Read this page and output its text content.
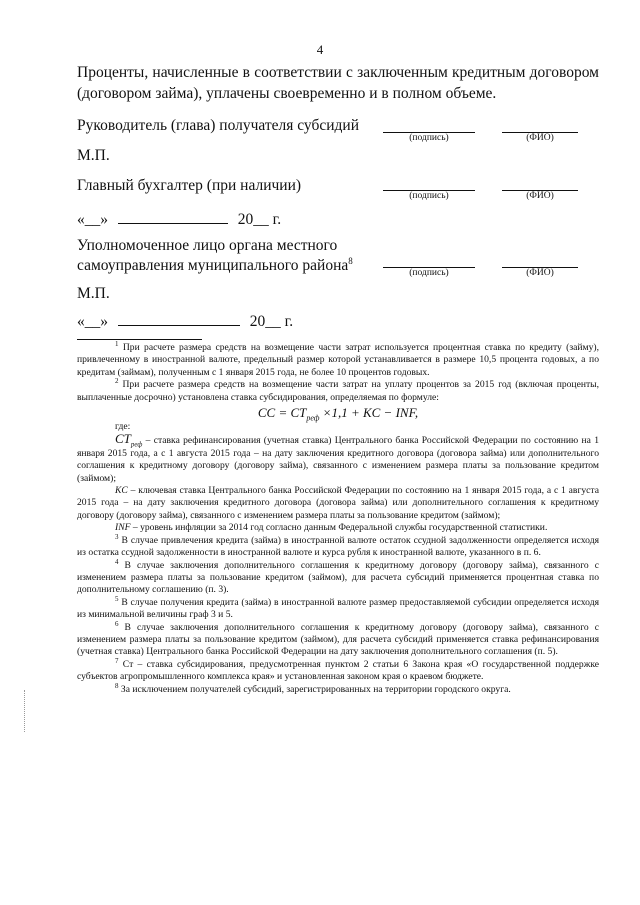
4
Проценты, начисленные в соответствии с заключенным кредитным договором (договором займа), уплачены своевременно и в полном объеме.
Руководитель (глава) получателя субсидий
(подпись)	(ФИО)
М.П.
Главный бухгалтер (при наличии)
(подпись)	(ФИО)
«__»	20__ г.
Уполномоченное лицо органа местного
самоуправления муниципального района$^8$
(подпись)	(ФИО)
М.П.
«__»	20__ г.

$^1$ При расчете размера средств на возмещение части затрат используется процентная ставка по кредиту (займу), привлеченному в иностранной валюте, предельный размер которой устанавливается в размере 10,5 процента годовых, а по кредитам (займам), полученным с 1 января 2015 года, не более 10 процентов годовых.

$^2$ При расчете размера средств на возмещение части затрат на уплату процентов за 2015 год (включая проценты, выплаченные досрочно) установлена ставка субсидирования, определяемая по формуле:

CC = $CT_{реф} \times 1,1$ + KC − INF,

где:

$CT_{реф}$ – ставка рефинансирования (учетная ставка) Центрального банка Российской Федерации по состоянию на 1 января 2015 года, а с 1 августа 2015 года – на дату заключения кредитного договора (договора займа) или дополнительного соглашения к кредитному договору (договору займа), связанного с изменением размера платы за пользование кредитом (займом);

KC – ключевая ставка Центрального банка Российской Федерации по состоянию на 1 января 2015 года, а с 1 августа 2015 года – на дату заключения кредитного договора (договора займа) или дополнительного соглашения к кредитному договору (договору займа), связанного с изменением размера платы за пользование кредитом (займом);

INF – уровень инфляции за 2014 год согласно данным Федеральной службы государственной статистики.

$^3$ В случае привлечения кредита (займа) в иностранной валюте остаток ссудной задолженности определяется исходя из остатка ссудной задолженности в иностранной валюте и курса рубля к иностранной валюте, указанного в п. 6.

$^4$ В случае заключения дополнительного соглашения к кредитному договору (договору займа), связанного с изменением размера платы за пользование кредитом (займом), для расчета субсидий применяется процентная ставка по дополнительному соглашению (п. 3).

$^5$ В случае получения кредита (займа) в иностранной валюте размер предоставляемой субсидии определяется исходя из минимальной величины граф 3 и 5.

$^6$ В случае заключения дополнительного соглашения к кредитному договору (договору займа), связанного с изменением размера платы за пользование кредитом (займом), для расчета субсидий применяется ставка рефинансирования (учетная ставка) Центрального банка Российской Федерации на дату заключения дополнительного соглашения (п. 5).

$^7$ Ст – ставка субсидирования, предусмотренная пунктом 2 статьи 6 Закона края «О государственной поддержке субъектов агропромышленного комплекса края» и установленная законом края о краевом бюджете.

$^8$ За исключением получателей субсидий, зарегистрированных на территории городского округа.
